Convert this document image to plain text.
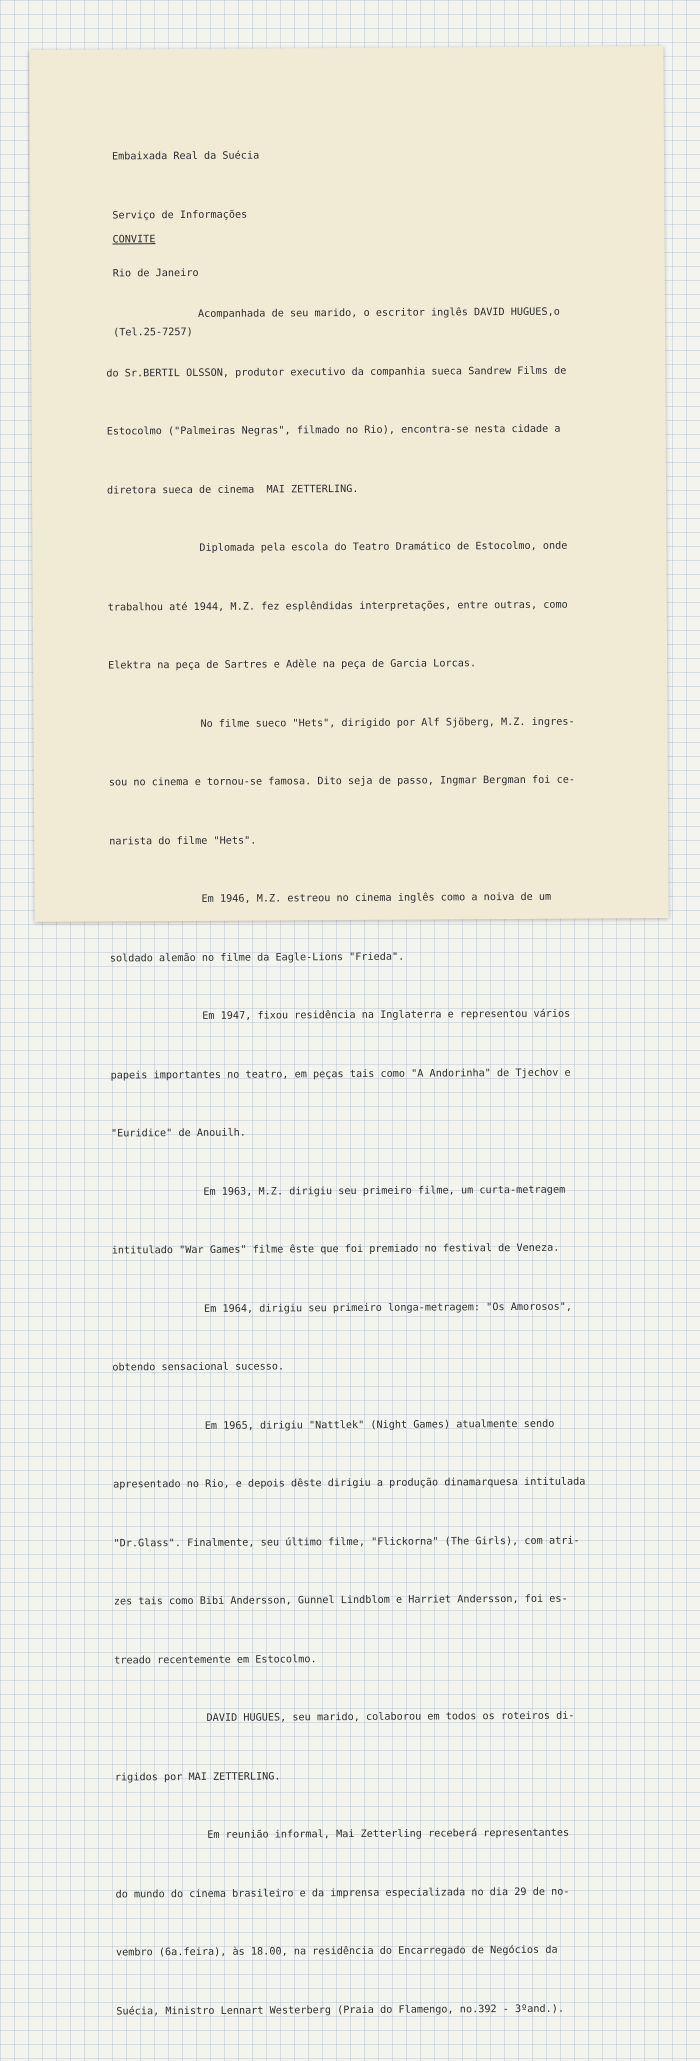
Embaixada Real da Suécia

Serviço de Informações

Rio de Janeiro

(Tel.25-7257)

CONVITE

Acompanhada de seu marido, o escritor inglês DAVID HUGUES,o

do Sr.BERTIL OLSSON, produtor executivo da companhia sueca Sandrew Films de

Estocolmo ("Palmeiras Negras", filmado no Rio), encontra-se nesta cidade a

diretora sueca de cinema  MAI ZETTERLING.

Diplomada pela escola do Teatro Dramático de Estocolmo, onde

trabalhou até 1944, M.Z. fez esplêndidas interpretações, entre outras, como

Elektra na peça de Sartres e Adèle na peça de Garcia Lorcas.

No filme sueco "Hets", dirigido por Alf Sjöberg, M.Z. ingres-

sou no cinema e tornou-se famosa. Dito seja de passo, Ingmar Bergman foi ce-

narista do filme "Hets".

Em 1946, M.Z. estreou no cinema inglês como a noiva de um

soldado alemão no filme da Eagle-Lions "Frieda".

Em 1947, fixou residência na Inglaterra e representou vários

papeis importantes no teatro, em peças tais como "A Andorinha" de Tjechov e

"Euridice" de Anouilh.

Em 1963, M.Z. dirigiu seu primeiro filme, um curta-metragem

intitulado "War Games" filme êste que foi premiado no festival de Veneza.

Em 1964, dirigiu seu primeiro longa-metragem: "Os Amorosos",

obtendo sensacional sucesso.

Em 1965, dirigiu "Nattlek" (Night Games) atualmente sendo

apresentado no Rio, e depois dêste dirigiu a produção dinamarquesa intitulada

"Dr.Glass". Finalmente, seu último filme, "Flickorna" (The Girls), com atri-

zes tais como Bibi Andersson, Gunnel Lindblom e Harriet Andersson, foi es-

treado recentemente em Estocolmo.

DAVID HUGUES, seu marido, colaborou em todos os roteiros di-

rigidos por MAI ZETTERLING.

Em reunião informal, Mai Zetterling receberá representantes

do mundo do cinema brasileiro e da imprensa especializada no dia 29 de no-

vembro (6a.feira), às 18.00, na residência do Encarregado de Negócios da

Suécia, Ministro Lennart Westerberg (Praia do Flamengo, no.392 - 3ºand.).
